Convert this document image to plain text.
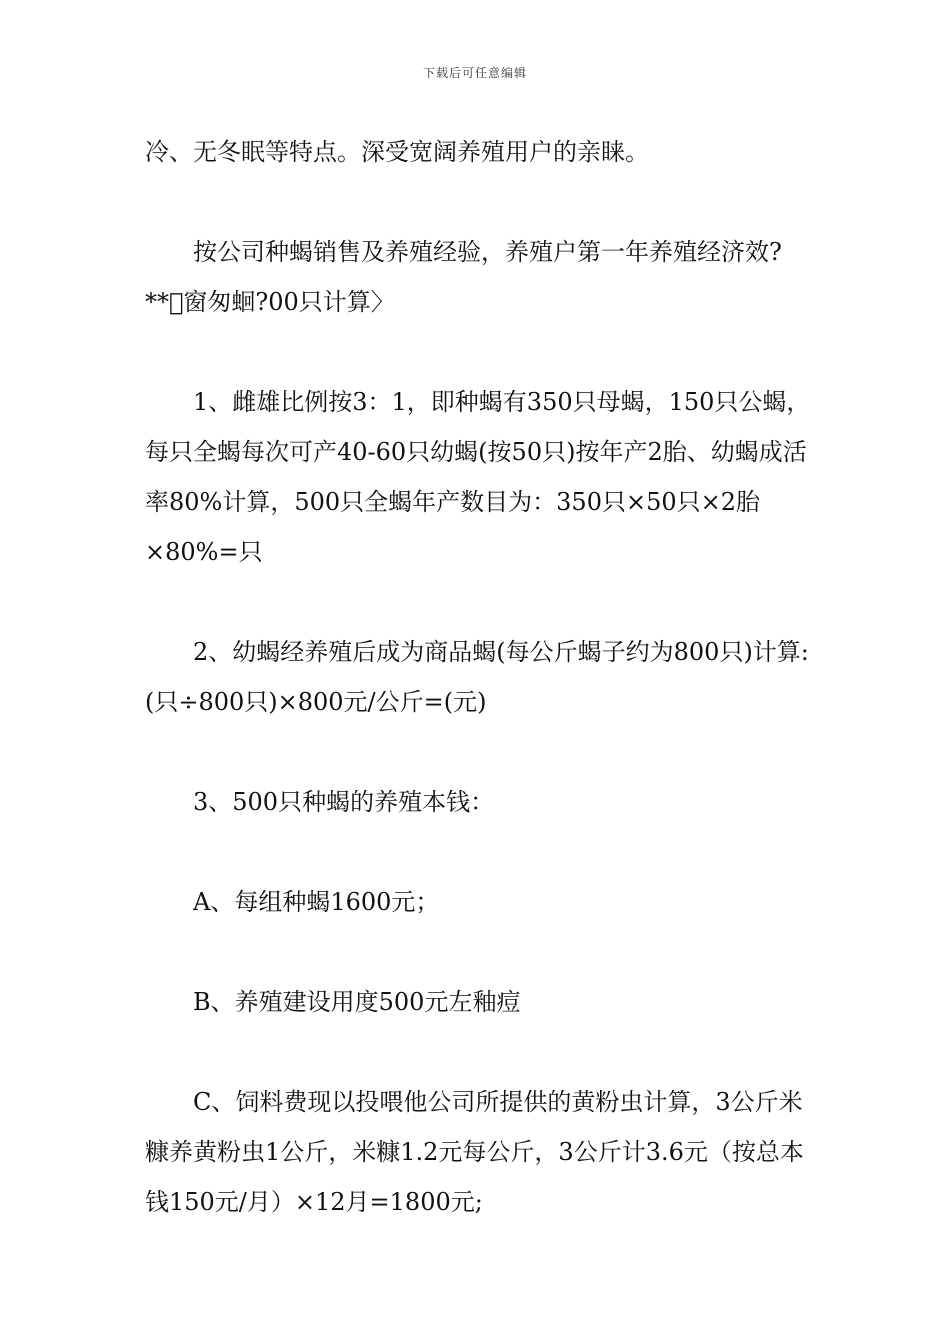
下载后可任意编辑

冷、无冬眠等特点。深受宽阔养殖用户的亲睐。

按公司种蝎销售及养殖经验，养殖户第一年养殖经济效?** 窗匆蛔?00只计算〉

1、雌雄比例按3：1，即种蝎有350只母蝎，150只公蝎，每只全蝎每次可产40-60只幼蝎(按50只)按年产2胎、幼蝎成活率80%计算，500只全蝎年产数目为：350只×50只×2胎×80%=只

2、幼蝎经养殖后成为商品蝎(每公斤蝎子约为800只)计算:(只÷800只)×800元/公斤=(元)

3、500只种蝎的养殖本钱：

A、每组种蝎1600元；

B、养殖建设用度500元左釉痘

C、饲料费现以投喂他公司所提供的黄粉虫计算，3公斤米糠养黄粉虫1公斤，米糠1.2元每公斤，3公斤计3.6元（按总本钱150元/月）×12月=1800元;
